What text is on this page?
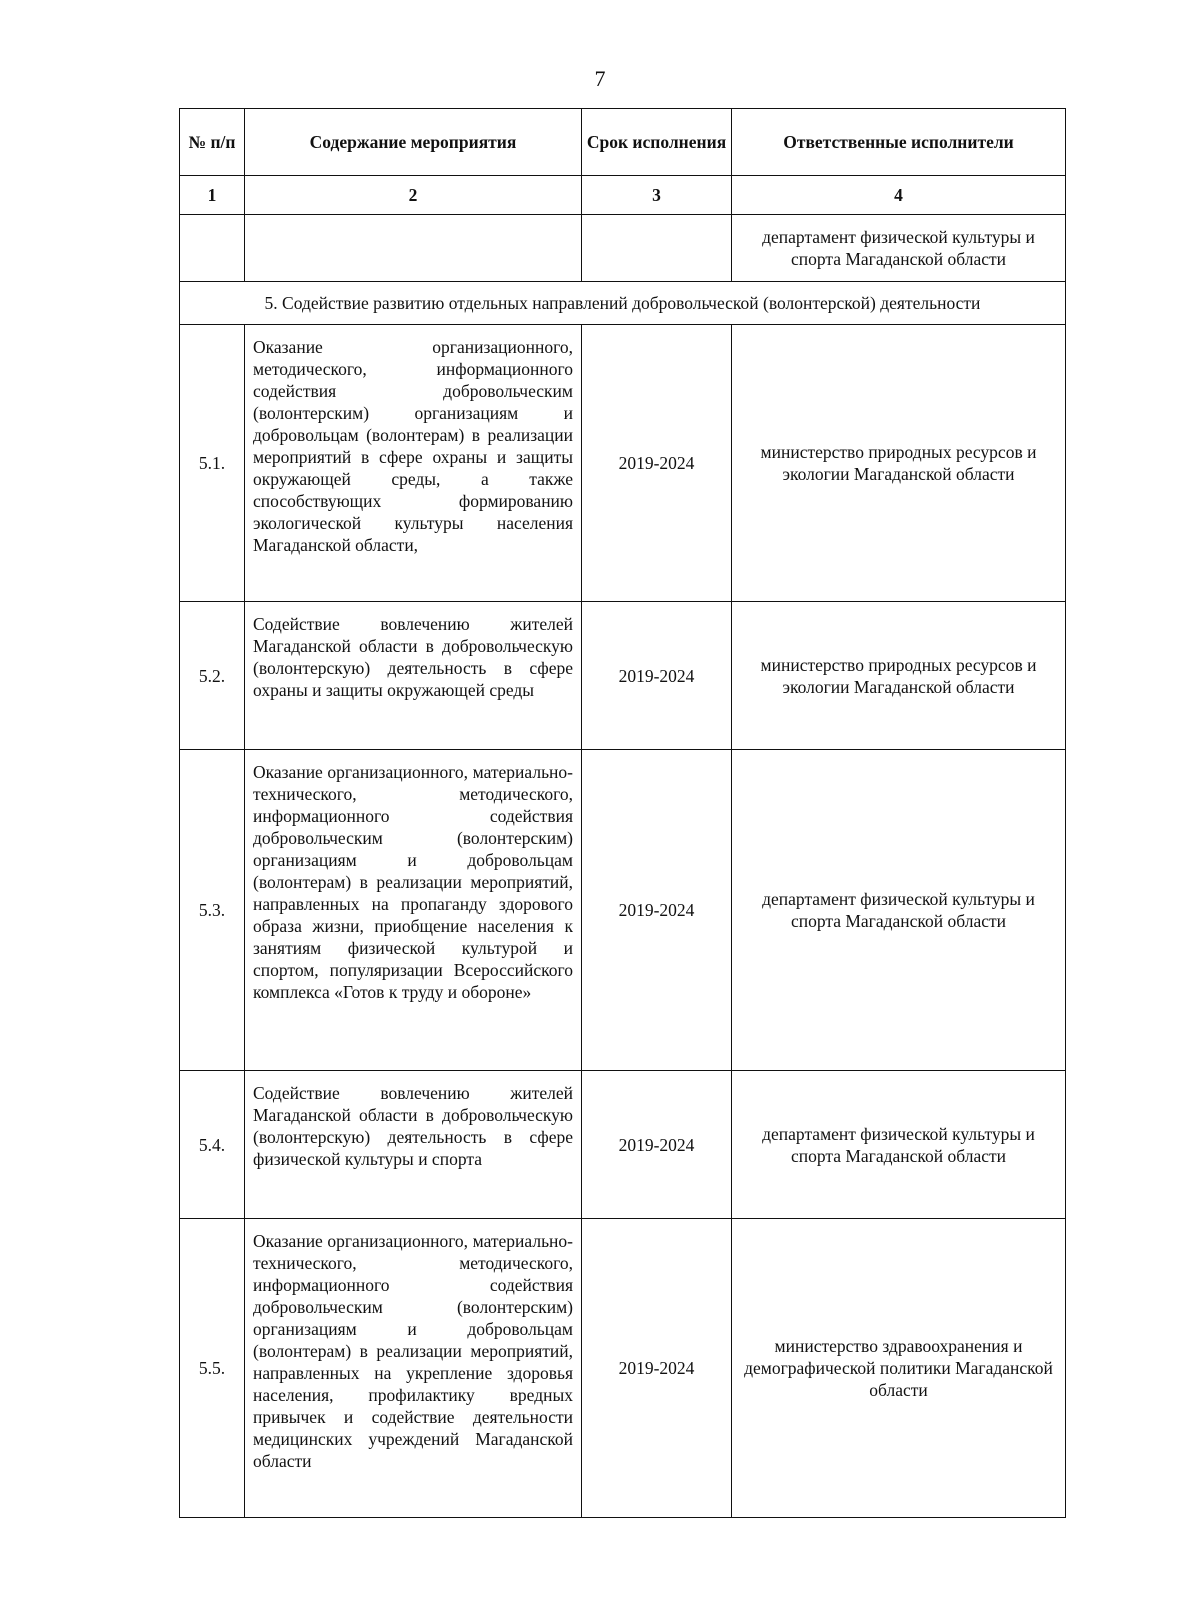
7
№ п/п	Содержание мероприятия	Срок исполнения	Ответственные исполнители
1	2	3	4
			департамент физической культуры и спорта Магаданской области
5. Содействие развитию отдельных направлений добровольческой (волонтерской) деятельности			
5.1.	Оказание организационного, методического, информационного содействия добровольческим (волонтерским) организациям и добровольцам (волонтерам) в реализации мероприятий в сфере охраны и защиты окружающей среды, а также способствующих формированию экологической культуры населения Магаданской области,	2019-2024	министерство природных ресурсов и экологии Магаданской области
5.2.	Содействие вовлечению жителей Магаданской области в добровольческую (волонтерскую) деятельность в сфере охраны и защиты окружающей среды	2019-2024	министерство природных ресурсов и экологии Магаданской области
5.3.	Оказание организационного, материально-технического, методического, информационного содействия добровольческим (волонтерским) организациям и добровольцам (волонтерам) в реализации мероприятий, направленных на пропаганду здорового образа жизни, приобщение населения к занятиям физической культурой и спортом, популяризации Всероссийского комплекса «Готов к труду и обороне»	2019-2024	департамент физической культуры и спорта Магаданской области
5.4.	Содействие вовлечению жителей Магаданской области в добровольческую (волонтерскую) деятельность в сфере физической культуры и спорта	2019-2024	департамент физической культуры и спорта Магаданской области
5.5.	Оказание организационного, материально-технического, методического, информационного содействия добровольческим (волонтерским) организациям и добровольцам (волонтерам) в реализации мероприятий, направленных на укрепление здоровья населения, профилактику вредных привычек и содействие деятельности медицинских учреждений Магаданской области	2019-2024	министерство здравоохранения и демографической политики Магаданской области
